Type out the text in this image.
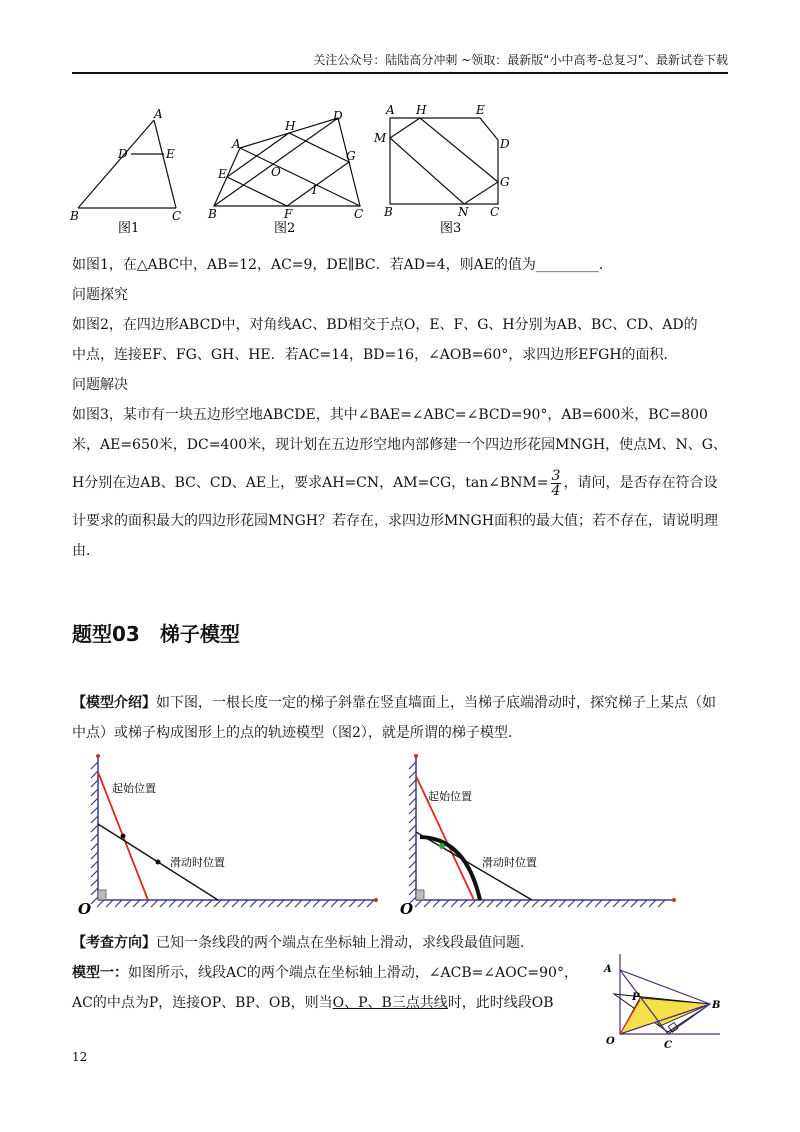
关注公众号：陆陆高分冲刺 ~领取：最新版“小中高考-总复习”、最新试卷下载
A
D	E
B	C
图1
A
H
D
E	O
G
I
B	F	C
图2
A H	E
M	D
G
B	N C
图3

如图1，在△ABC中，AB=12，AC=9，DE∥BC．若AD=4，则AE的值为_________．

问题探究

如图2，在四边形ABCD中，对角线AC、BD相交于点O，E、F、G、H分别为AB、BC、CD、AD的

中点，连接EF、FG、GH、HE．若AC=14，BD=16，∠AOB=60°，求四边形EFGH的面积．

问题解决

如图3，某市有一块五边形空地ABCDE，其中∠BAE=∠ABC=∠BCD=90°，AB=600米，BC=800

米，AE=650米，DC=400米，现计划在五边形空地内部修建一个四边形花园MNGH，使点M、N、G、

H分别在边AB、BC、CD、AE上，要求AH=CN，AM=CG，tan∠BNM= $\frac{3}{4}$ ，请问，是否存在符合设

计要求的面积最大的四边形花园MNGH？若存在，求四边形MNGH面积的最大值；若不存在，请说明理

由．

题型03　梯子模型
【模型介绍】如下图，一根长度一定的梯子斜靠在竖直墙面上，当梯子底端滑动时，探究梯子上某点（如中点）或梯子构成图形上的点的轨迹模型（图2），就是所谓的梯子模型．
起始位置
滑动时位置
O
起始位置
滑动时位置
O
【考查方向】已知一条线段的两个端点在坐标轴上滑动，求线段最值问题．

模型一：如图所示，线段AC的两个端点在坐标轴上滑动，∠ACB=∠AOC=90°，

AC的中点为P，连接OP、BP、OB，则当O、P、B三点共线时，此时线段OB

A
P
B
O	C
12
